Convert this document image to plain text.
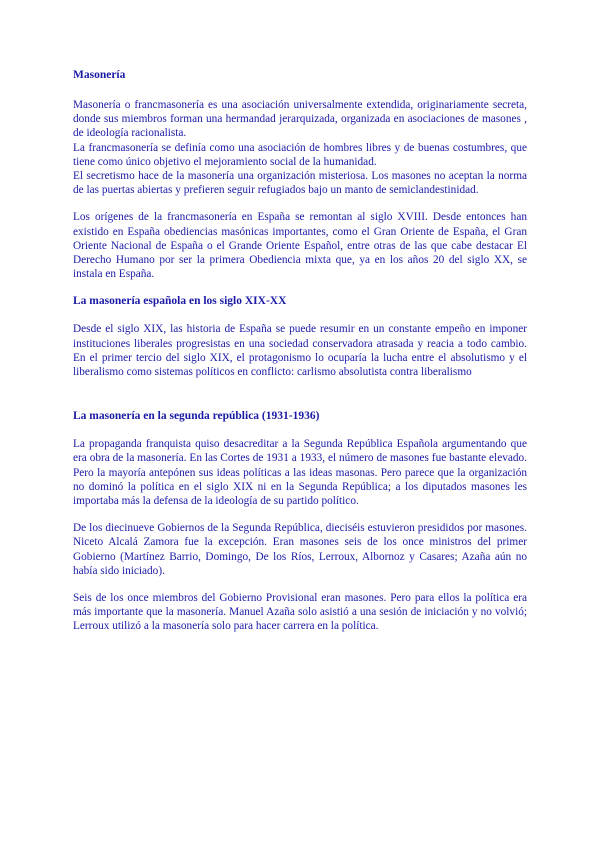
Masonería

Masonería o francmasonería es una asociación universalmente extendida, originariamente secreta, donde sus miembros forman una hermandad jerarquizada, organizada en asociaciones de masones , de ideología racionalista.

La francmasonería se definía como una asociación de hombres libres y de buenas costumbres, que tiene como único objetivo el mejoramiento social de la humanidad.

El secretismo hace de la masonería una organización misteriosa. Los masones no aceptan la norma de las puertas abiertas y prefieren seguir refugiados bajo un manto de semiclandestinidad.

Los orígenes de la francmasonería en España se remontan al siglo XVIII. Desde entonces han existido en España obediencias masónicas importantes, como el Gran Oriente de España, el Gran Oriente Nacional de España o el Grande Oriente Español, entre otras de las que cabe destacar El Derecho Humano por ser la primera Obediencia mixta que, ya en los años 20 del siglo XX, se instala en España.

La masonería española en los siglo XIX-XX

Desde el siglo XIX, las historia de España se puede resumir en un constante empeño en imponer instituciones liberales progresistas en una sociedad conservadora atrasada y reacia a todo cambio. En el primer tercio del siglo XIX, el protagonismo lo ocuparía la lucha entre el absolutismo y el liberalismo como sistemas políticos en conflicto: carlismo absolutista contra liberalismo

La masonería en la segunda república (1931-1936)

La propaganda franquista quiso desacreditar a la Segunda República Española argumentando que era obra de la masonería. En las Cortes de 1931 a 1933, el número de masones fue bastante elevado. Pero la mayoría antepónen sus ideas políticas a las ideas masonas. Pero parece que la organización no dominó la política en el siglo XIX ni en la Segunda República; a los diputados masones les importaba más la defensa de la ideología de su partido político.

De los diecinueve Gobiernos de la Segunda República, dieciséis estuvieron presididos por masones. Niceto Alcalá Zamora fue la excepción. Eran masones seis de los once ministros del primer Gobierno (Martínez Barrio, Domingo, De los Ríos, Lerroux, Albornoz y Casares; Azaña aún no había sido iniciado).

Seis de los once miembros del Gobierno Provisional eran masones. Pero para ellos la política era más importante que la masonería. Manuel Azaña solo asistió a una sesión de iniciación y no volvió; Lerroux utilizó a la masonería solo para hacer carrera en la política.
